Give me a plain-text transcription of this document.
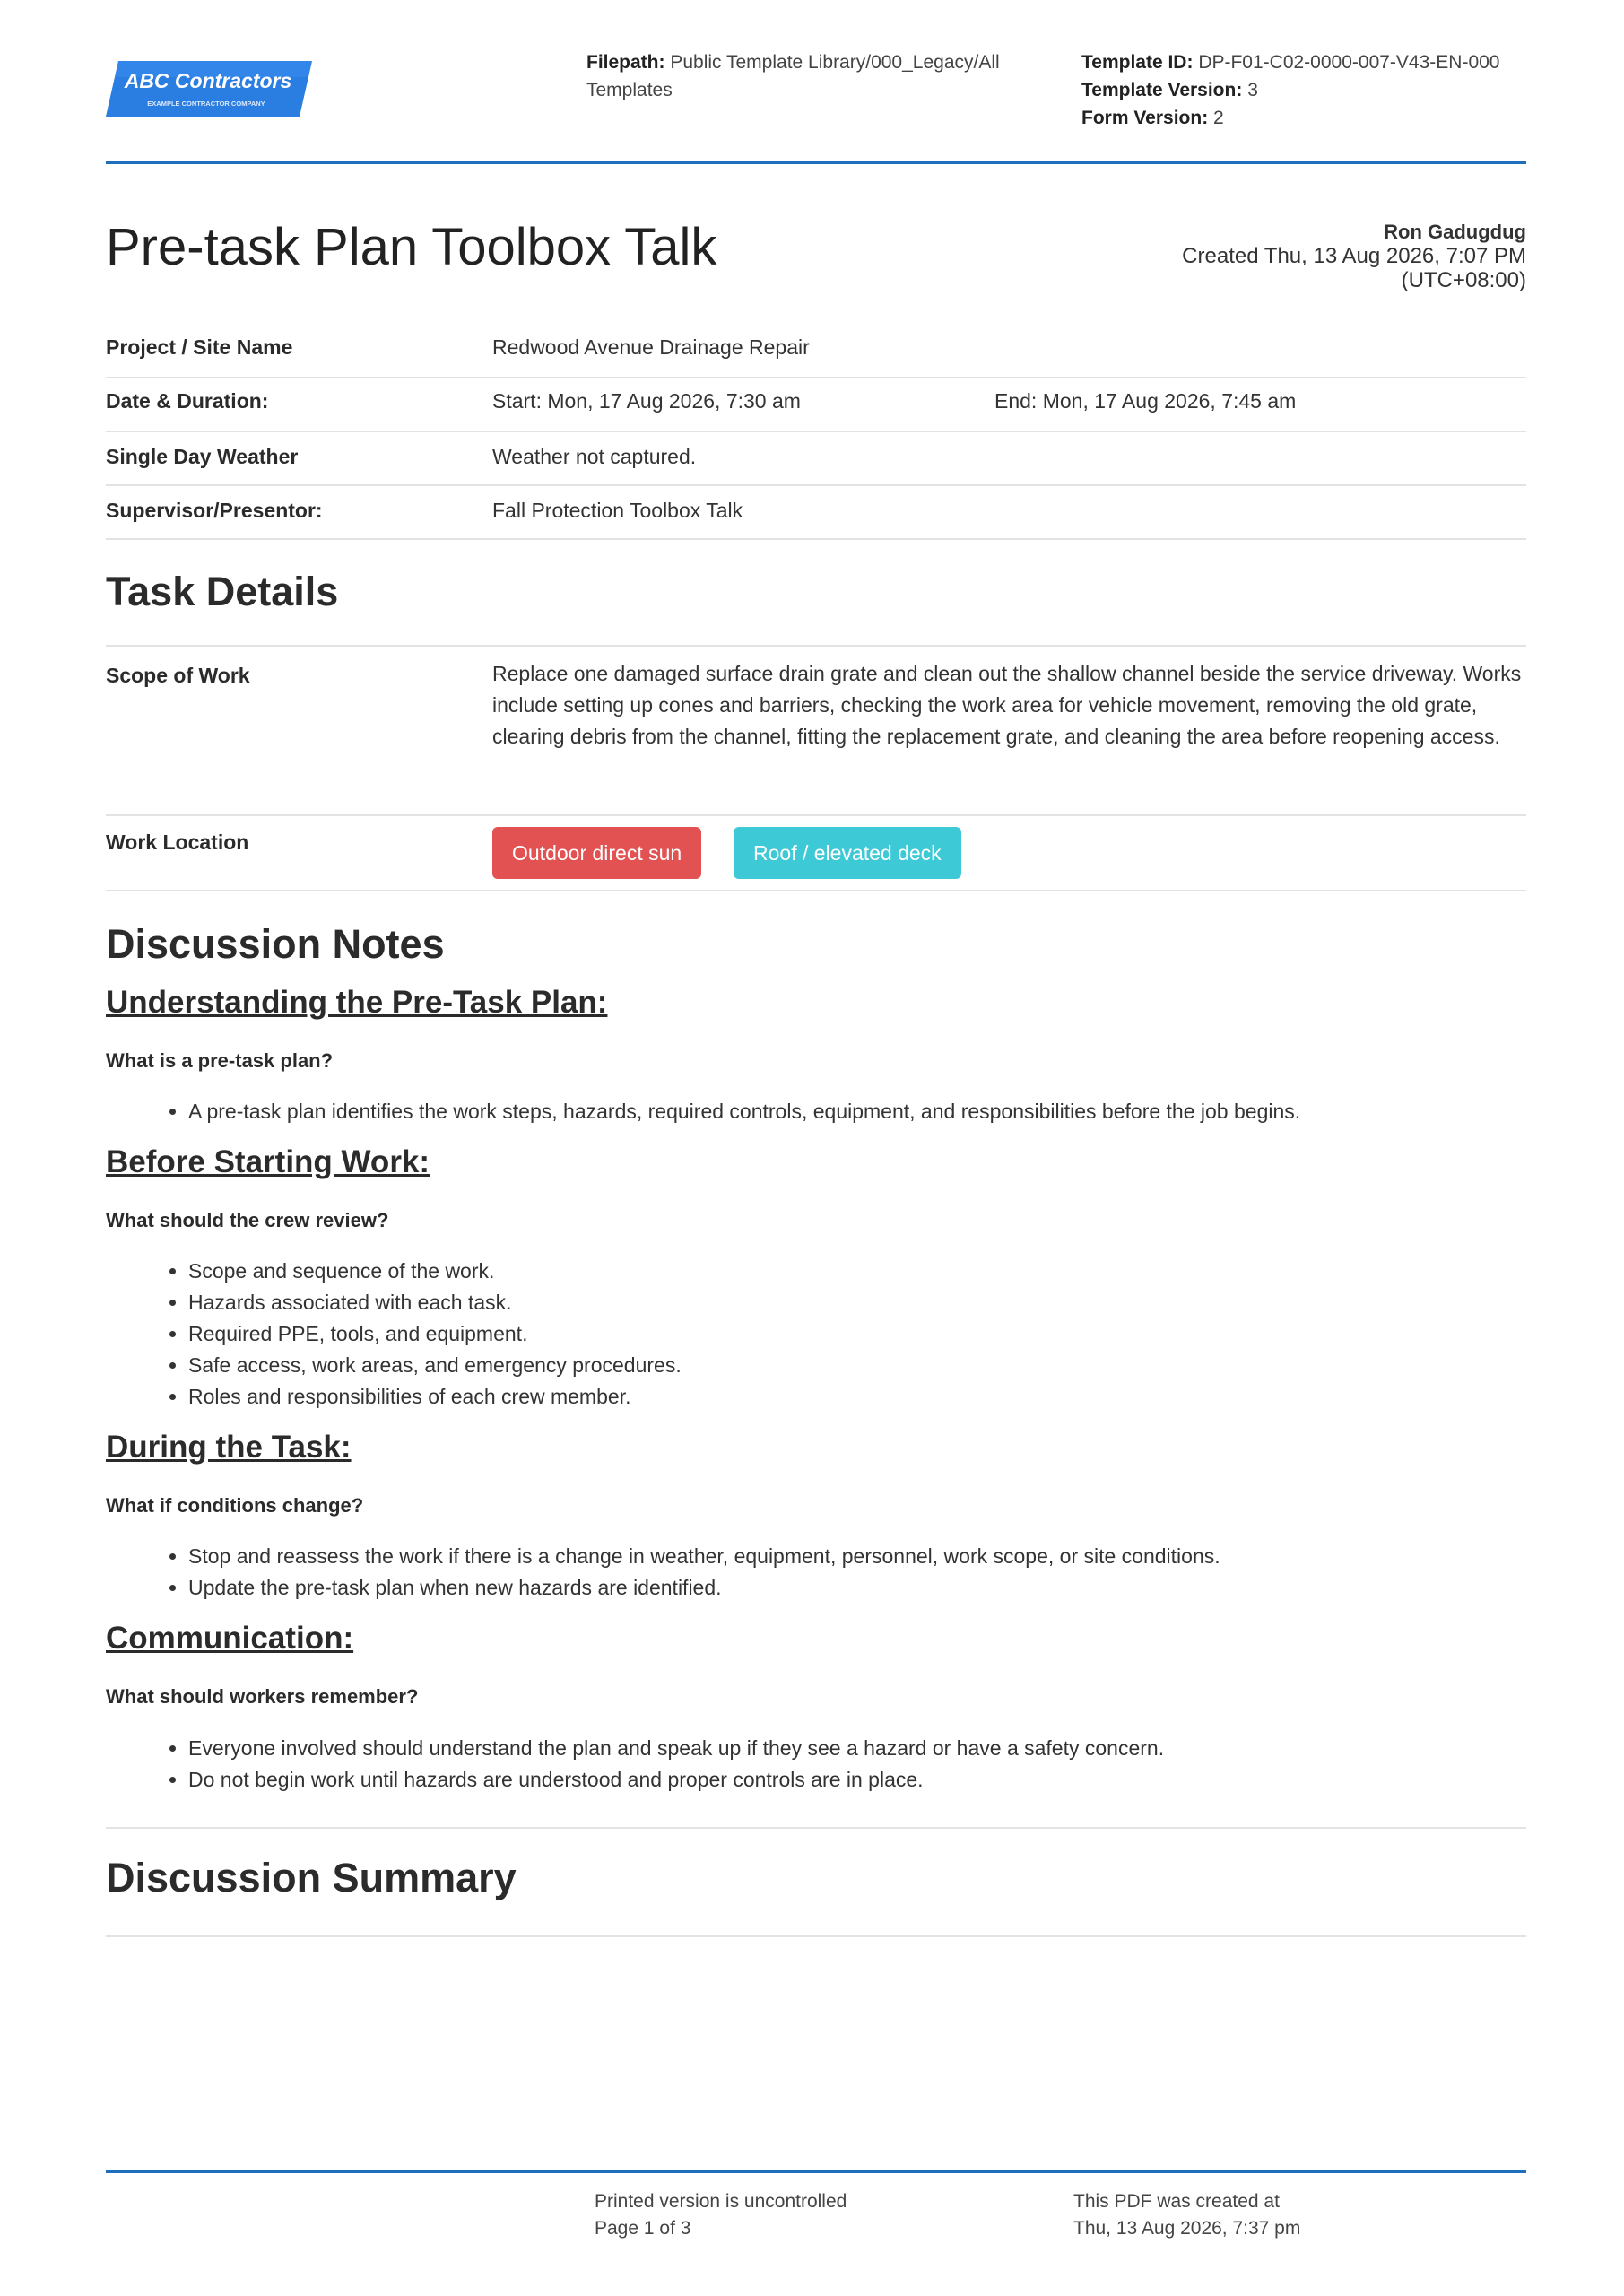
ABC Contractors
EXAMPLE CONTRACTOR COMPANY
Filepath: Public Template Library/000_Legacy/All Templates
Template ID: DP-F01-C02-0000-007-V43-EN-000
Template Version: 3
Form Version: 2
Pre-task Plan Toolbox Talk	Ron Gadugdug
Created Thu, 13 Aug 2026, 7:07 PM
(UTC+08:00)
Project / Site Name	Redwood Avenue Drainage Repair
Date & Duration:	Start: Mon, 17 Aug 2026, 7:30 am	End: Mon, 17 Aug 2026, 7:45 am
Single Day Weather	Weather not captured.
Supervisor/Presentor:	Fall Protection Toolbox Talk
Task Details
Scope of Work	Replace one damaged surface drain grate and clean out the shallow channel beside the service driveway. Works include setting up cones and barriers, checking the work area for vehicle movement, removing the old grate, clearing debris from the channel, fitting the replacement grate, and cleaning the area before reopening access.
Work Location	Outdoor direct sun	Roof / elevated deck
Discussion Notes
Understanding the Pre-Task Plan:

What is a pre-task plan?

• A pre-task plan identifies the work steps, hazards, required controls, equipment, and responsibilities before the job begins.
Before Starting Work:

What should the crew review?

• Scope and sequence of the work.
• Hazards associated with each task.
• Required PPE, tools, and equipment.
• Safe access, work areas, and emergency procedures.
• Roles and responsibilities of each crew member.
During the Task:

What if conditions change?

• Stop and reassess the work if there is a change in weather, equipment, personnel, work scope, or site conditions.
• Update the pre-task plan when new hazards are identified.
Communication:

What should workers remember?

• Everyone involved should understand the plan and speak up if they see a hazard or have a safety concern.
• Do not begin work until hazards are understood and proper controls are in place.
Discussion Summary
Printed version is uncontrolled
Page 1 of 3
This PDF was created at
Thu, 13 Aug 2026, 7:37 pm
